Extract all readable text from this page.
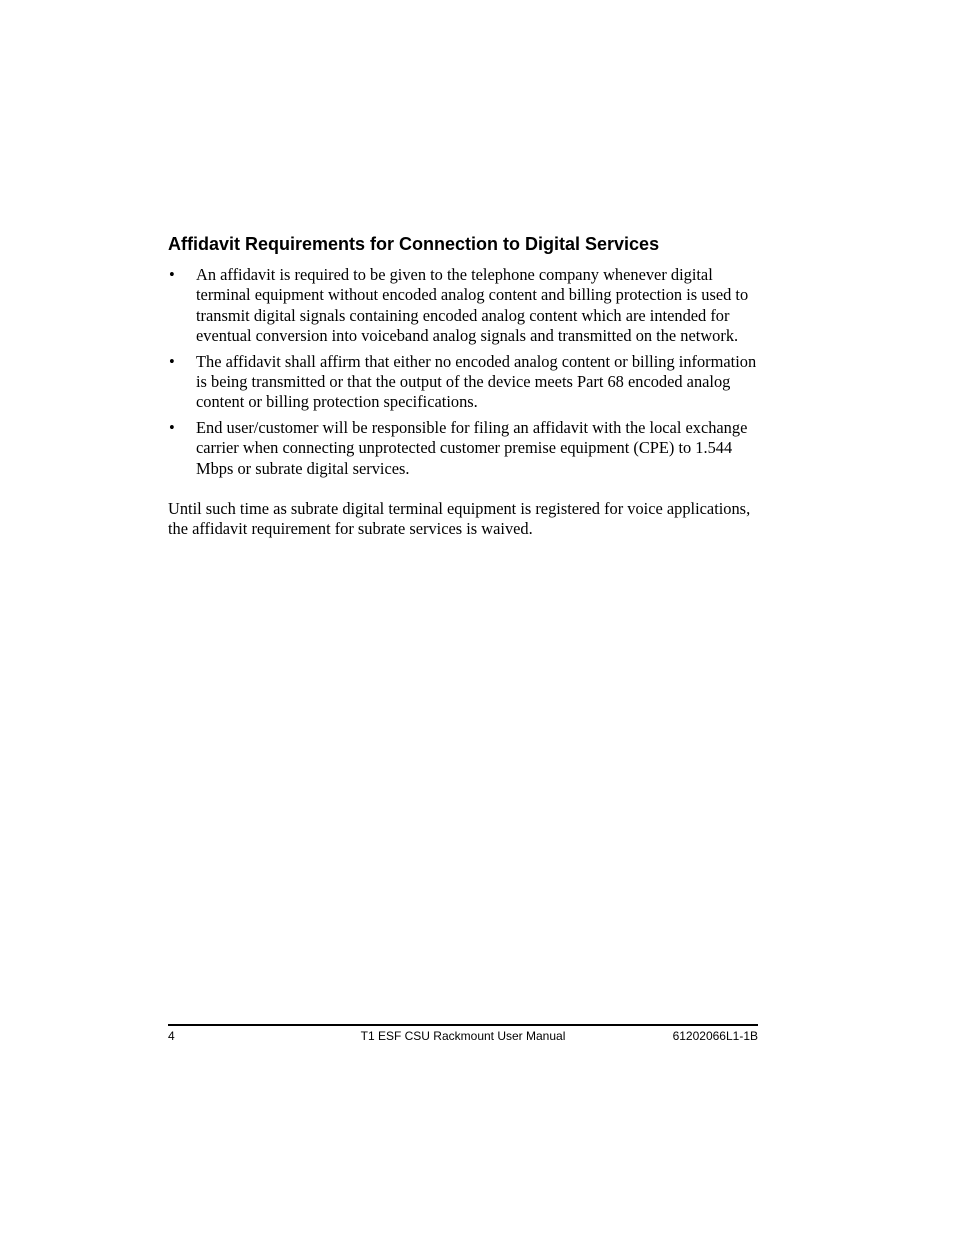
Affidavit Requirements for Connection to Digital Services
• An affidavit is required to be given to the telephone company whenever digital terminal equipment without encoded analog content and billing protection is used to transmit digital signals containing encoded analog content which are intended for eventual conversion into voiceband analog signals and transmitted on the network.
• The affidavit shall affirm that either no encoded analog content or billing information is being transmitted or that the output of the device meets Part 68 encoded analog content or billing protection specifications.
• End user/customer will be responsible for filing an affidavit with the local exchange carrier when connecting unprotected customer premise equipment (CPE) to 1.544 Mbps or subrate digital services.

Until such time as subrate digital terminal equipment is registered for voice applications, the affidavit requirement for subrate services is waived.

4	T1 ESF CSU Rackmount User Manual	61202066L1-1B
